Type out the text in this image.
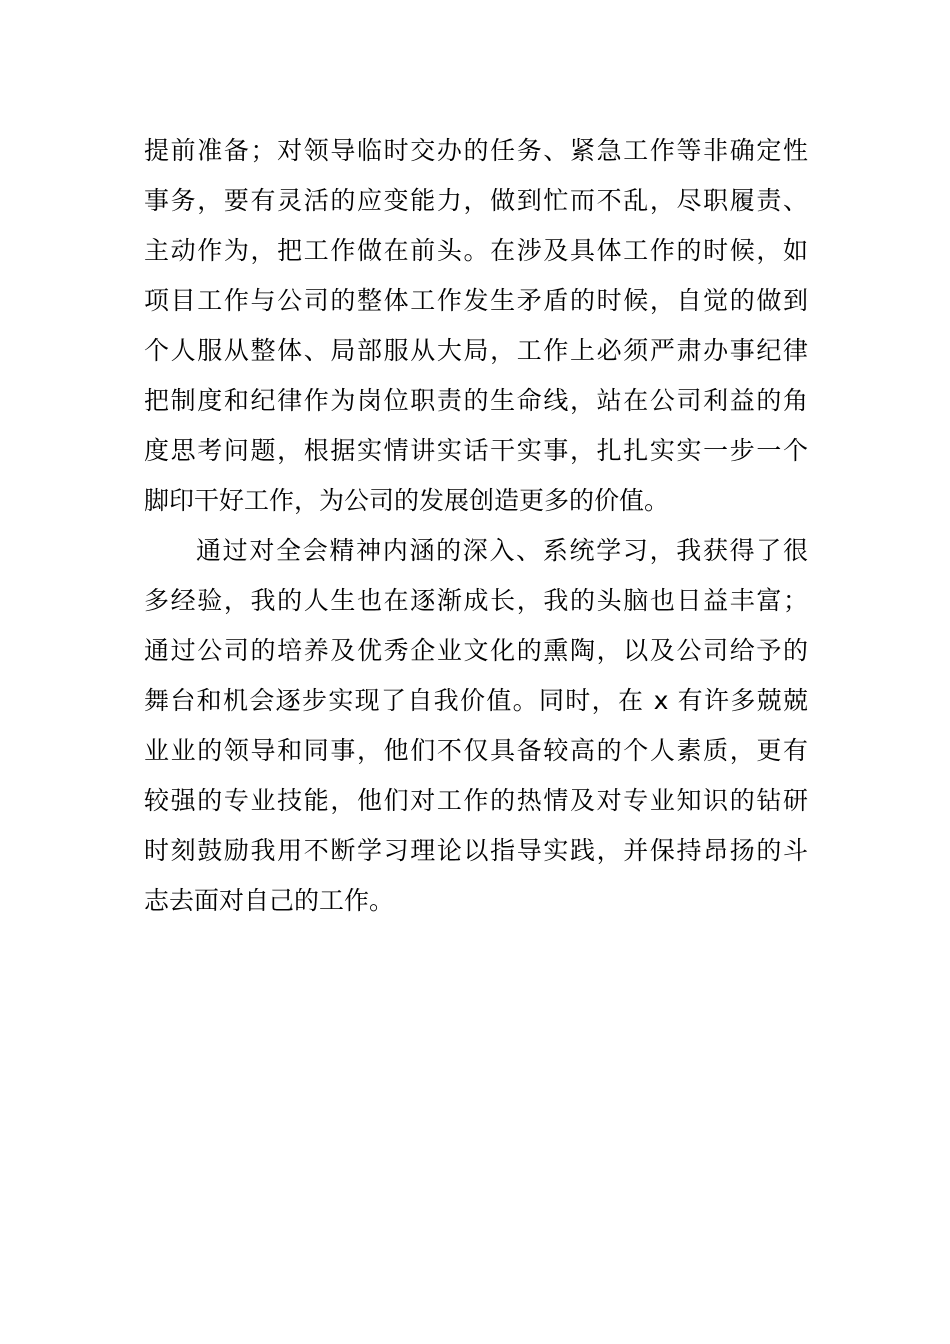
提前准备；对领导临时交办的任务、紧急工作等非确定性
事务，要有灵活的应变能力，做到忙而不乱，尽职履责、
主动作为，把工作做在前头。在涉及具体工作的时候，如
项目工作与公司的整体工作发生矛盾的时候，自觉的做到
个人服从整体、局部服从大局，工作上必须严肃办事纪律
把制度和纪律作为岗位职责的生命线，站在公司利益的角
度思考问题，根据实情讲实话干实事，扎扎实实一步一个
脚印干好工作，为公司的发展创造更多的价值。
通过对全会精神内涵的深入、系统学习，我获得了很
多经验，我的人生也在逐渐成长，我的头脑也日益丰富；
通过公司的培养及优秀企业文化的熏陶，以及公司给予的
舞台和机会逐步实现了自我价值。同时，在 x 有许多兢兢
业业的领导和同事，他们不仅具备较高的个人素质，更有
较强的专业技能，他们对工作的热情及对专业知识的钻研
时刻鼓励我用不断学习理论以指导实践，并保持昂扬的斗
志去面对自己的工作。
